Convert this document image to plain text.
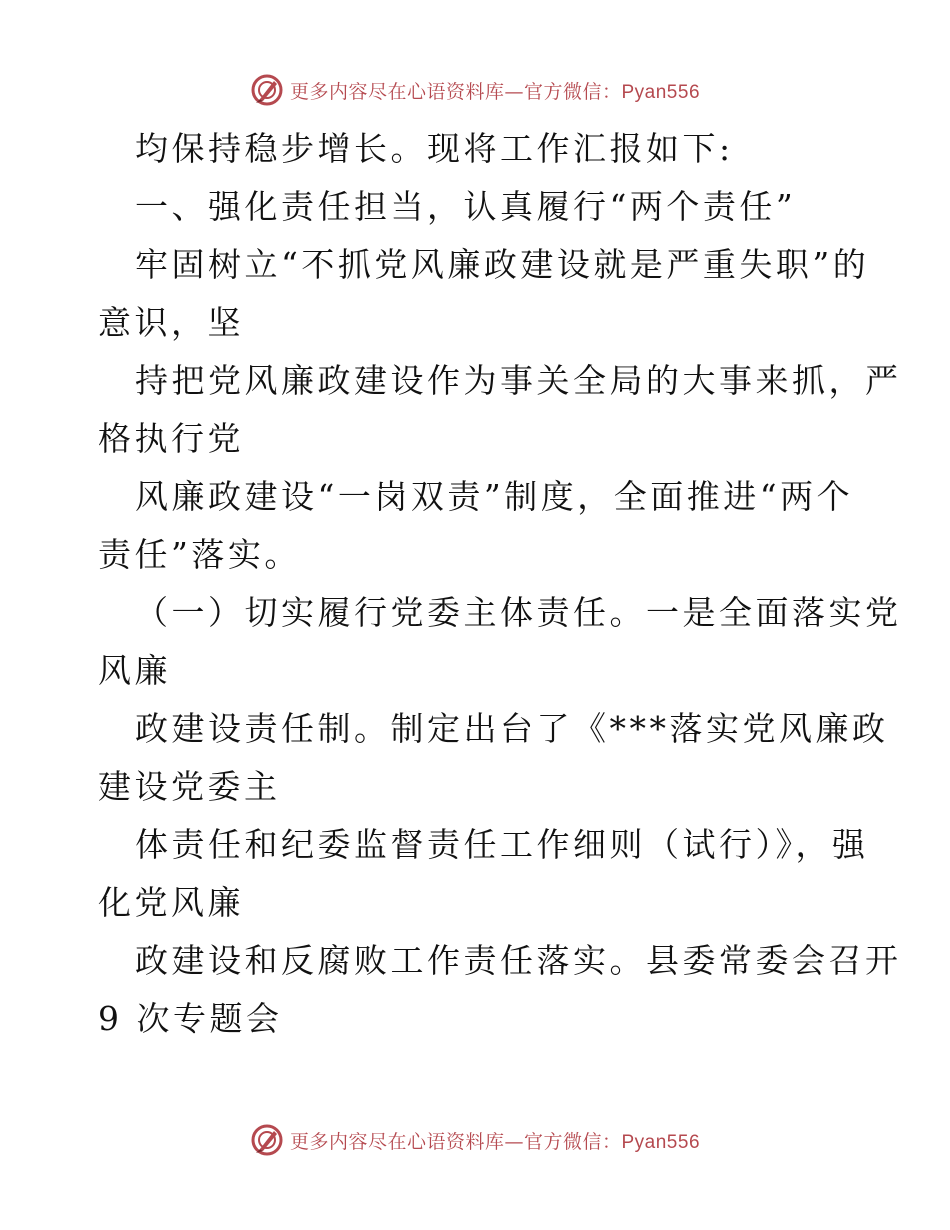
更多内容尽在心语资料库—官方微信：Pyan556
均保持稳步增长。现将工作汇报如下:
一、强化责任担当，认真履行“两个责任”
牢固树立“不抓党风廉政建设就是严重失职”的
意识，坚
持把党风廉政建设作为事关全局的大事来抓，严
格执行党
风廉政建设“一岗双责”制度，全面推进“两个
责任”落实。
（一）切实履行党委主体责任。一是全面落实党
风廉
政建设责任制。制定出台了《***落实党风廉政
建设党委主
体责任和纪委监督责任工作细则（试行）》，强
化党风廉
政建设和反腐败工作责任落实。县委常委会召开
9 次专题会
更多内容尽在心语资料库—官方微信：Pyan556
